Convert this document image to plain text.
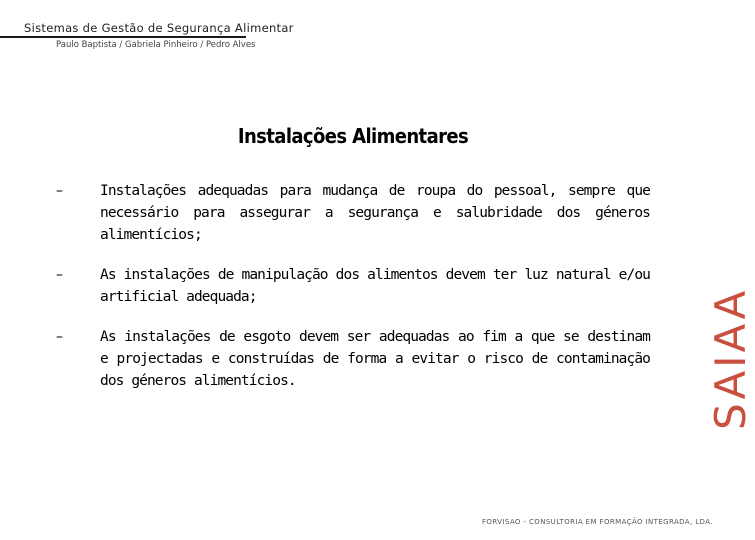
Sistemas de Gestão de Segurança Alimentar
Paulo Baptista / Gabriela Pinheiro / Pedro Alves
Instalações Alimentares
–	Instalações adequadas para mudança de roupa do pessoal, sempre que necessário para assegurar a segurança e salubridade dos géneros alimentícios;
–	As instalações de manipulação dos alimentos devem ter luz natural e/ou artificial adequada;
–	As instalações de esgoto devem ser adequadas ao fim a que se destinam e projectadas e construídas de forma a evitar o risco de contaminação dos géneros alimentícios.	SAIAA
FORVISAO - CONSULTORIA EM FORMAÇÃO INTEGRADA, LDA.
